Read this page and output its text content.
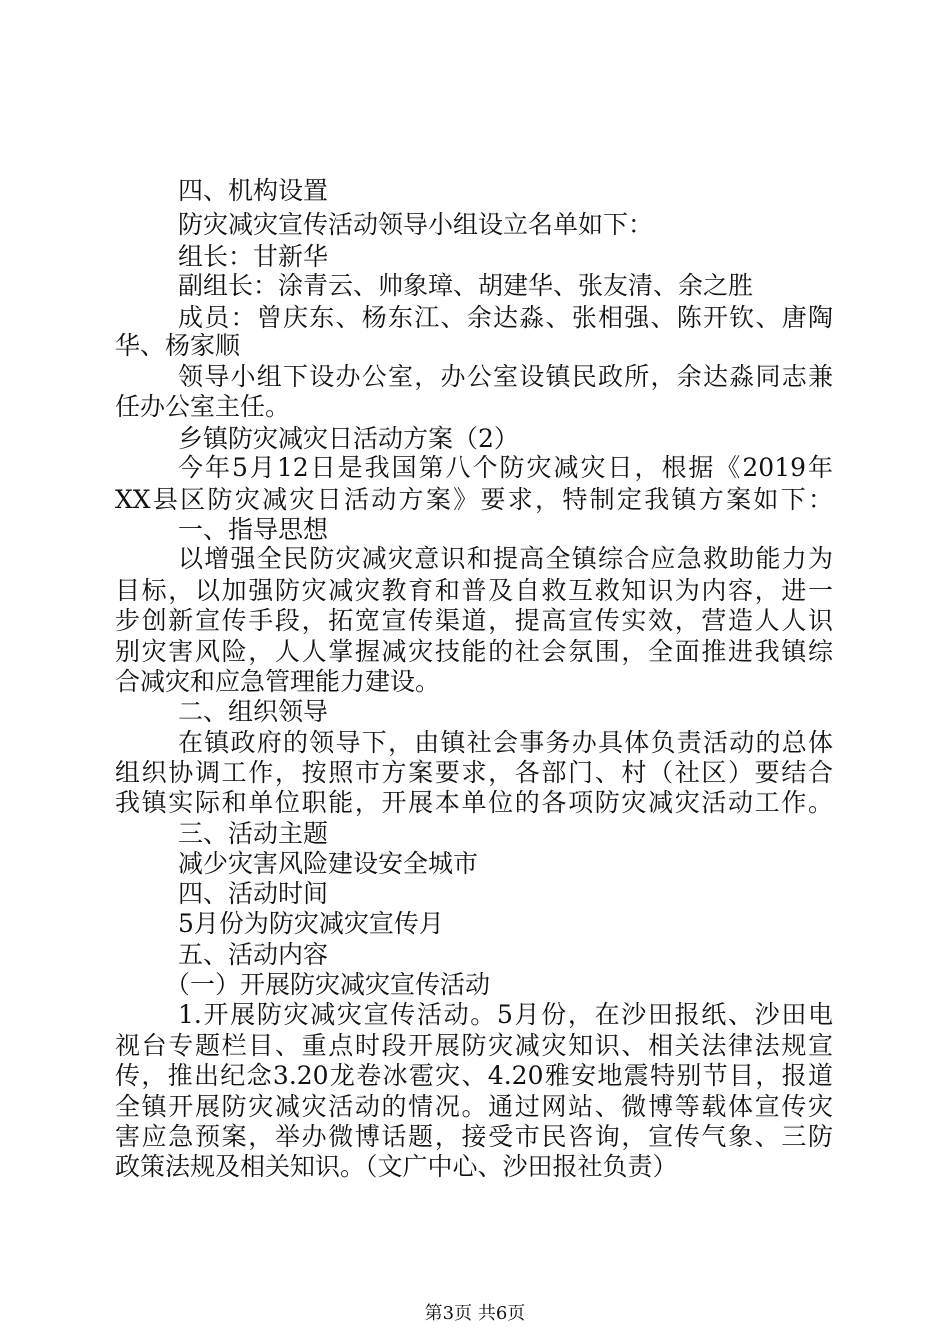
四、机构设置
防灾减灾宣传活动领导小组设立名单如下：
组长：甘新华
副组长：涂青云、帅象璋、胡建华、张友清、余之胜
成员：曾庆东、杨东江、余达淼、张相强、陈开钦、唐陶
华、杨家顺
领导小组下设办公室，办公室设镇民政所，余达淼同志兼
任办公室主任。
乡镇防灾减灾日活动方案（2）
今年5月12日是我国第八个防灾减灾日，根据《2019年
XX县区防灾减灾日活动方案》要求，特制定我镇方案如下：
一、指导思想
以增强全民防灾减灾意识和提高全镇综合应急救助能力为
目标，以加强防灾减灾教育和普及自救互救知识为内容，进一
步创新宣传手段，拓宽宣传渠道，提高宣传实效，营造人人识
别灾害风险，人人掌握减灾技能的社会氛围，全面推进我镇综
合减灾和应急管理能力建设。
二、组织领导
在镇政府的领导下，由镇社会事务办具体负责活动的总体
组织协调工作，按照市方案要求，各部门、村（社区）要结合
我镇实际和单位职能，开展本单位的各项防灾减灾活动工作。
三、活动主题
减少灾害风险建设安全城市
四、活动时间
5月份为防灾减灾宣传月
五、活动内容
（一）开展防灾减灾宣传活动
1.开展防灾减灾宣传活动。5月份，在沙田报纸、沙田电
视台专题栏目、重点时段开展防灾减灾知识、相关法律法规宣
传，推出纪念3.20龙卷冰雹灾、4.20雅安地震特别节目，报道
全镇开展防灾减灾活动的情况。通过网站、微博等载体宣传灾
害应急预案，举办微博话题，接受市民咨询，宣传气象、三防
政策法规及相关知识。（文广中心、沙田报社负责）
第3页 共6页
